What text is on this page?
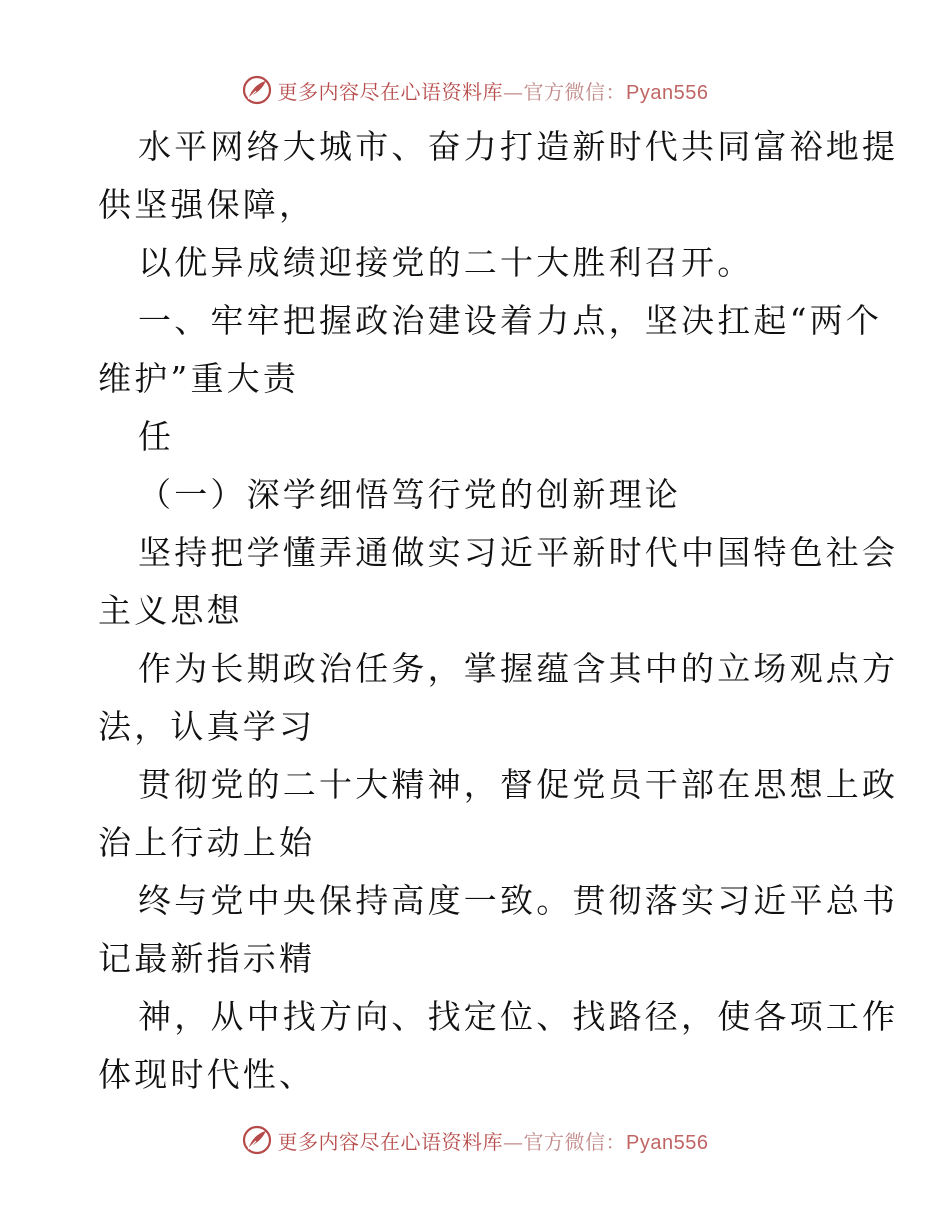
更多内容尽在心语资料库—官方微信：Pyan556
水平网络大城市、奋力打造新时代共同富裕地提
供坚强保障，
以优异成绩迎接党的二十大胜利召开。
一、牢牢把握政治建设着力点，坚决扛起“两个
维护”重大责
任
（一）深学细悟笃行党的创新理论
坚持把学懂弄通做实习近平新时代中国特色社会
主义思想
作为长期政治任务，掌握蕴含其中的立场观点方
法，认真学习
贯彻党的二十大精神，督促党员干部在思想上政
治上行动上始
终与党中央保持高度一致。贯彻落实习近平总书
记最新指示精
神，从中找方向、找定位、找路径，使各项工作
体现时代性、
更多内容尽在心语资料库—官方微信：Pyan556
